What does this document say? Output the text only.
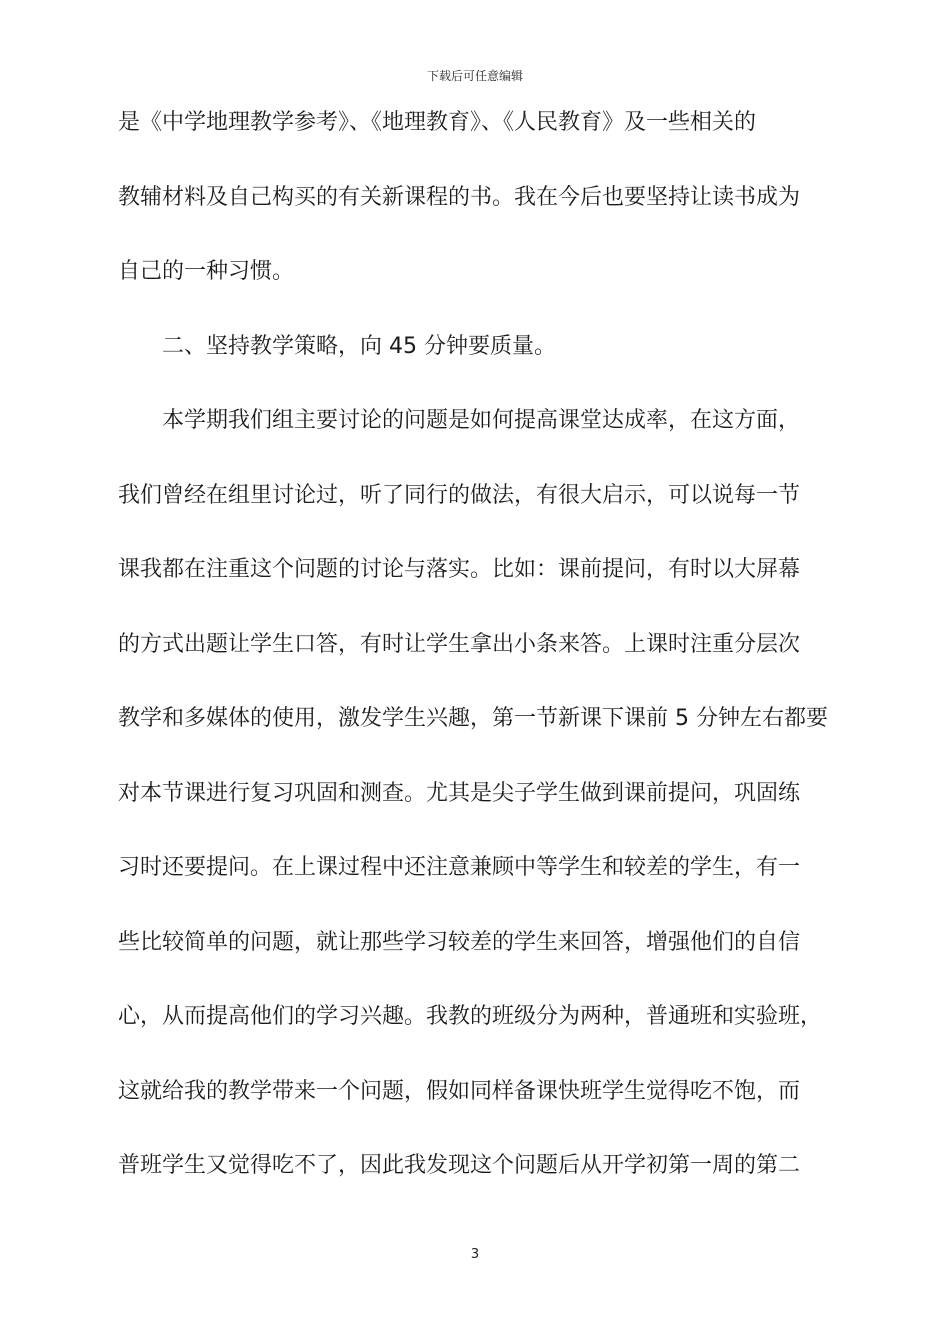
下载后可任意编辑
是《中学地理教学参考》、《地理教育》、《人民教育》及一些相关的
教辅材料及自己构买的有关新课程的书。我在今后也要坚持让读书成为
自己的一种习惯。
　　二、坚持教学策略，向 45 分钟要质量。
　　本学期我们组主要讨论的问题是如何提高课堂达成率，在这方面，
我们曾经在组里讨论过，听了同行的做法，有很大启示，可以说每一节
课我都在注重这个问题的讨论与落实。比如：课前提问，有时以大屏幕
的方式出题让学生口答，有时让学生拿出小条来答。上课时注重分层次
教学和多媒体的使用，激发学生兴趣，第一节新课下课前 5 分钟左右都要
对本节课进行复习巩固和测查。尤其是尖子学生做到课前提问，巩固练
习时还要提问。在上课过程中还注意兼顾中等学生和较差的学生，有一
些比较简单的问题，就让那些学习较差的学生来回答，增强他们的自信
心，从而提高他们的学习兴趣。我教的班级分为两种，普通班和实验班，
这就给我的教学带来一个问题，假如同样备课快班学生觉得吃不饱，而
普班学生又觉得吃不了，因此我发现这个问题后从开学初第一周的第二
3
